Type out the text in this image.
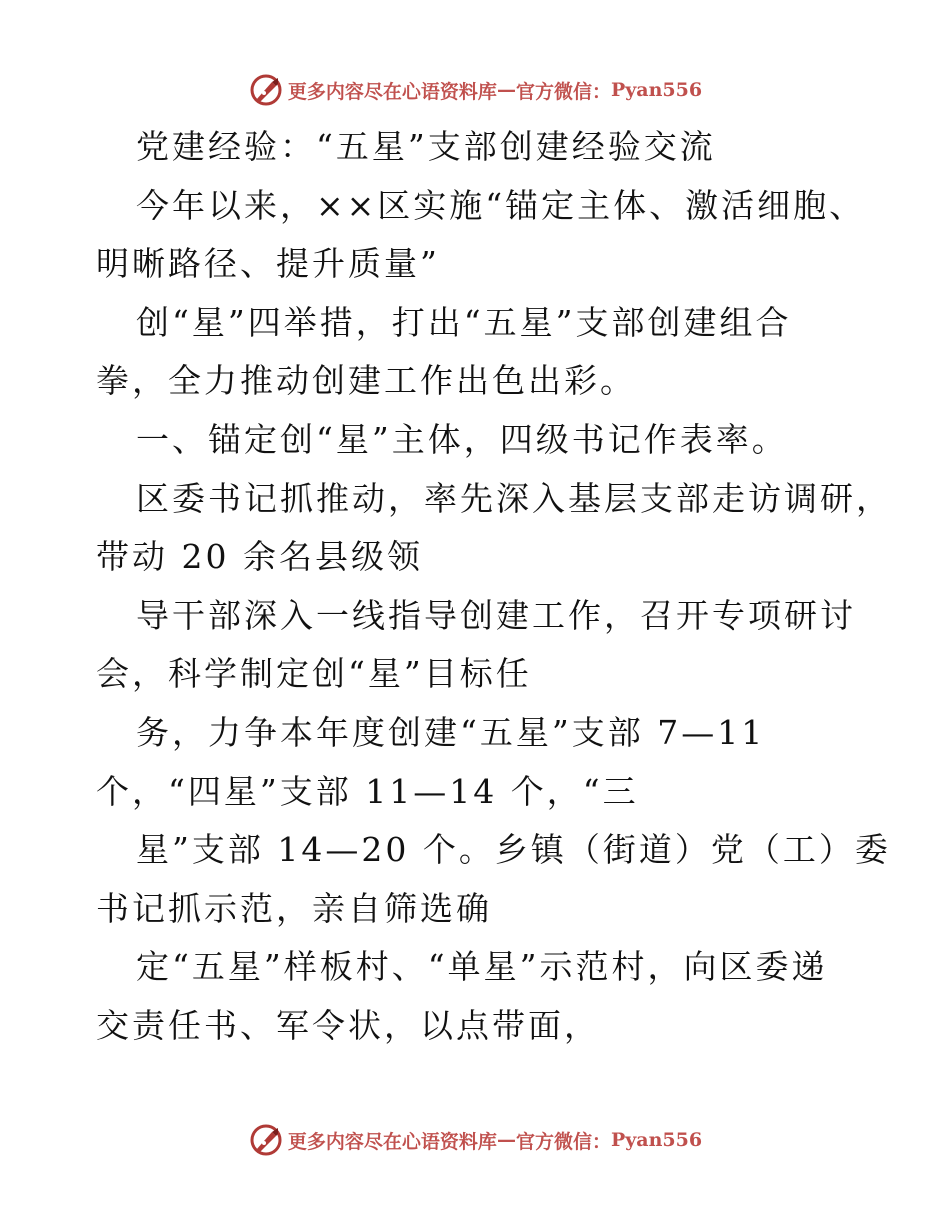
更多内容尽在心语资料库 — 官方微信： Pyan556
党建经验：“五星”支部创建经验交流
今年以来，××区实施“锚定主体、激活细胞、
明晰路径、提升质量”
创“星”四举措，打出“五星”支部创建组合
拳，全力推动创建工作出色出彩。
一、锚定创“星”主体，四级书记作表率。
区委书记抓推动，率先深入基层支部走访调研，
带动 20 余名县级领
导干部深入一线指导创建工作，召开专项研讨
会，科学制定创“星”目标任
务，力争本年度创建“五星”支部 7—11
个，“四星”支部 11—14 个，“三
星”支部 14—20 个。乡镇（街道）党（工）委
书记抓示范，亲自筛选确
定“五星”样板村、“单星”示范村，向区委递
交责任书、军令状，以点带面，
更多内容尽在心语资料库 — 官方微信： Pyan556
